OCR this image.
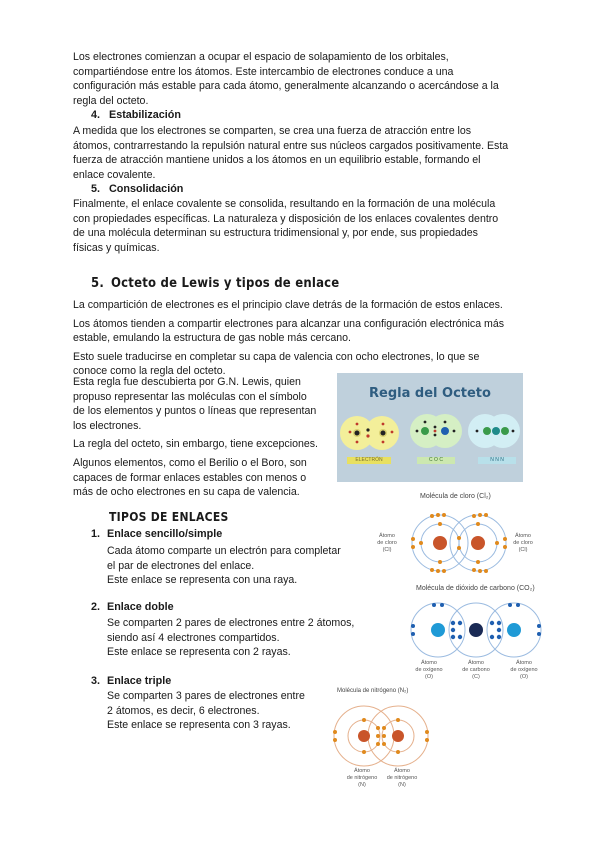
Los electrones comienzan a ocupar el espacio de solapamiento de los orbitales,

compartiéndose entre los átomos. Este intercambio de electrones conduce a una

configuración más estable para cada átomo, generalmente alcanzando o acercándose a la

regla del octeto.

4. Estabilización

A medida que los electrones se comparten, se crea una fuerza de atracción entre los

átomos, contrarrestando la repulsión natural entre sus núcleos cargados positivamente. Esta

fuerza de atracción mantiene unidos a los átomos en un equilibrio estable, formando el

enlace covalente.

5. Consolidación

Finalmente, el enlace covalente se consolida, resultando en la formación de una molécula

con propiedades específicas. La naturaleza y disposición de los enlaces covalentes dentro

de una molécula determinan su estructura tridimensional y, por ende, sus propiedades

físicas y químicas.

5. Octeto de Lewis y tipos de enlace

La compartición de electrones es el principio clave detrás de la formación de estos enlaces.

Los átomos tienden a compartir electrones para alcanzar una configuración electrónica más

estable, emulando la estructura de gas noble más cercano.

Esto suele traducirse en completar su capa de valencia con ocho electrones, lo que se

conoce como la regla del octeto.

Esta regla fue descubierta por G.N. Lewis, quien

propuso representar las moléculas con el símbolo

de los elementos y puntos o líneas que representan

los electrones.

La regla del octeto, sin embargo, tiene excepciones.

Algunos elementos, como el Berilio o el Boro, son

capaces de formar enlaces estables con menos o

más de ocho electrones en su capa de valencia.

Regla del Octeto
ELECTRÓN	C O C	N N N
TIPOS DE ENLACES
1. Enlace sencillo/simple

Cada átomo comparte un electrón para completar

el par de electrones del enlace.

Este enlace se representa con una raya.

2. Enlace doble

Se comparten 2 pares de electrones entre 2 átomos,

siendo así 4 electrones compartidos.

Este enlace se representa con 2 rayas.

3. Enlace triple

Se comparten 3 pares de electrones entre

2 átomos, es decir, 6 electrones.

Este enlace se representa con 3 rayas.

Molécula de cloro (Cl₂)
Átomo
de cloro
(Cl)
Átomo
de cloro
(Cl)
Molécula de dióxido de carbono (CO₂)
Átomo
de oxígeno
(O)
Átomo
de carbono
(C)
Átomo
de oxígeno
(O)
Molécula de nitrógeno (N₂)
Átomo
de nitrógeno
(N)
Átomo
de nitrógeno
(N)
